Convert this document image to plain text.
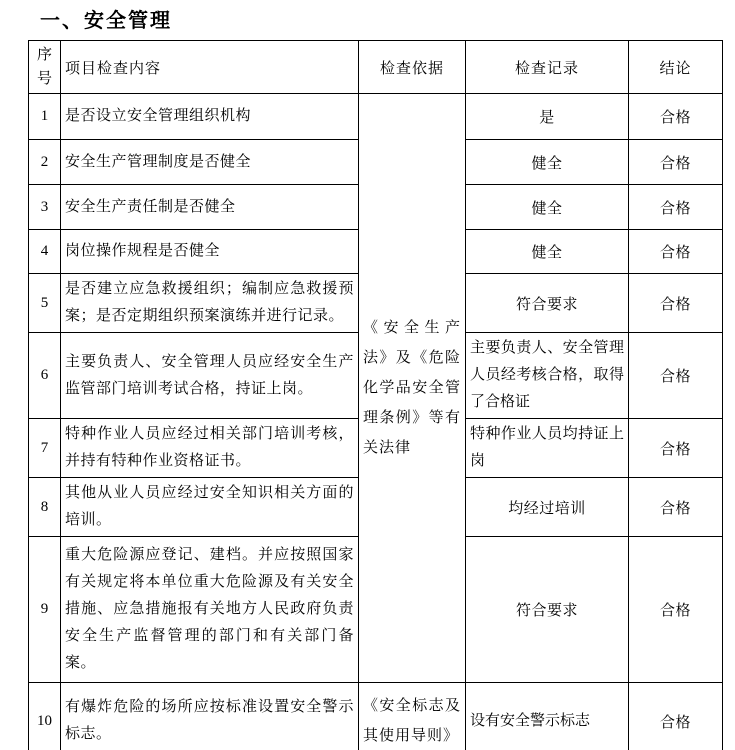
一、安全管理
序号	项目检查内容	检查依据	检查记录	结论
1	是否设立安全管理组织机构	《安全生产法》及《危险化学品安全管理条例》等有关法律	是	合格
2	安全生产管理制度是否健全		健全	合格
3	安全生产责任制是否健全		健全	合格
4	岗位操作规程是否健全		健全	合格
5	是否建立应急救援组织；编制应急救援预案；是否定期组织预案演练并进行记录。		符合要求	合格
6	主要负责人、安全管理人员应经安全生产监管部门培训考试合格，持证上岗。		主要负责人、安全管理人员经考核合格，取得了合格证	合格
7	特种作业人员应经过相关部门培训考核，并持有特种作业资格证书。		特种作业人员均持证上岗	合格
8	其他从业人员应经过安全知识相关方面的培训。		均经过培训	合格
9	重大危险源应登记、建档。并应按照国家有关规定将本单位重大危险源及有关安全措施、应急措施报有关地方人民政府负责安全生产监督管理的部门和有关部门备案。		符合要求	合格
10	有爆炸危险的场所应按标准设置安全警示标志。	《安全标志及其使用导则》	设有安全警示标志	合格
